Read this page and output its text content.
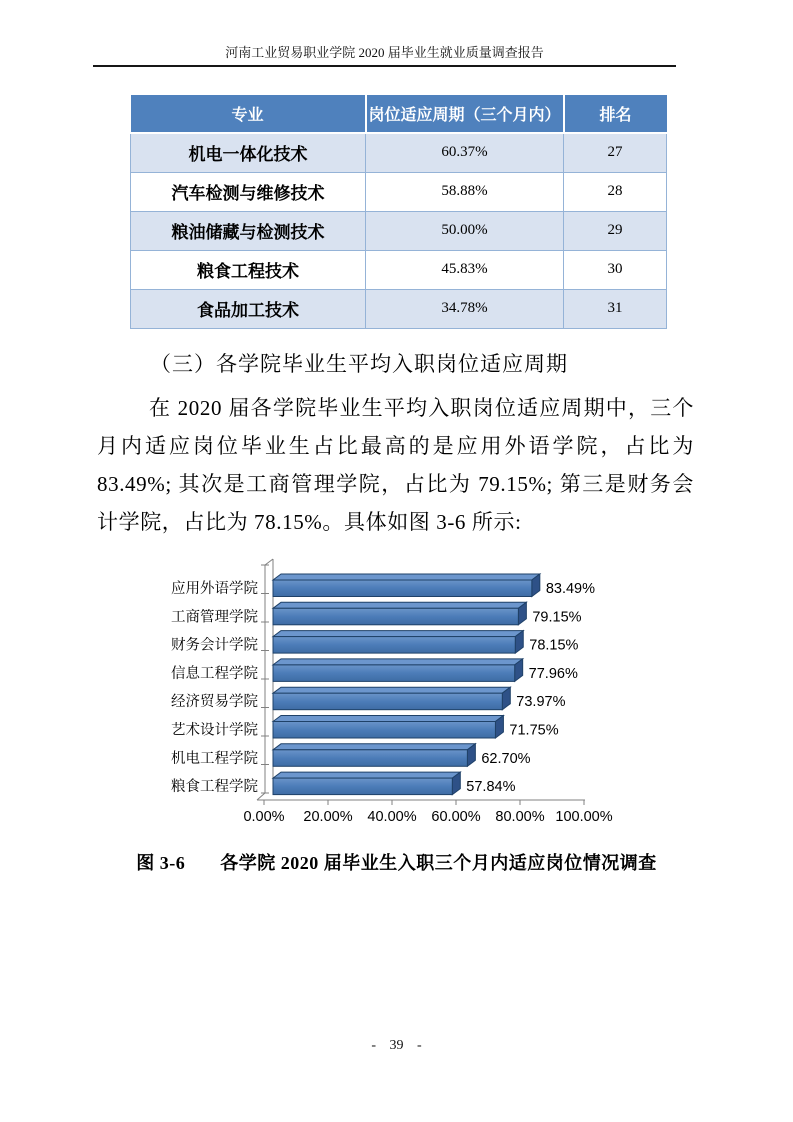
河南工业贸易职业学院 2020 届毕业生就业质量调查报告
专业	岗位适应周期（三个月内）	排名
机电一体化技术	60.37%	27
汽车检测与维修技术	58.88%	28
粮油储藏与检测技术	50.00%	29
粮食工程技术	45.83%	30
食品加工技术	34.78%	31
（三）各学院毕业生平均入职岗位适应周期

在 2020 届各学院毕业生平均入职岗位适应周期中，三个月内适应岗位毕业生占比最高的是应用外语学院，占比为 83.49%; 其次是工商管理学院，占比为 79.15%; 第三是财务会计学院，占比为 78.15%。具体如图 3-6 所示:

0.00% 20.00% 40.00% 60.00% 80.00% 100.00%
应用外语学院	83.49%
工商管理学院	79.15%
财务会计学院	78.15%
信息工程学院	77.96%
经济贸易学院	73.97%
艺术设计学院	71.75%
机电工程学院	62.70%
粮食工程学院	57.84%
图 3-6 各学院 2020 届毕业生入职三个月内适应岗位情况调查
- 39 -
